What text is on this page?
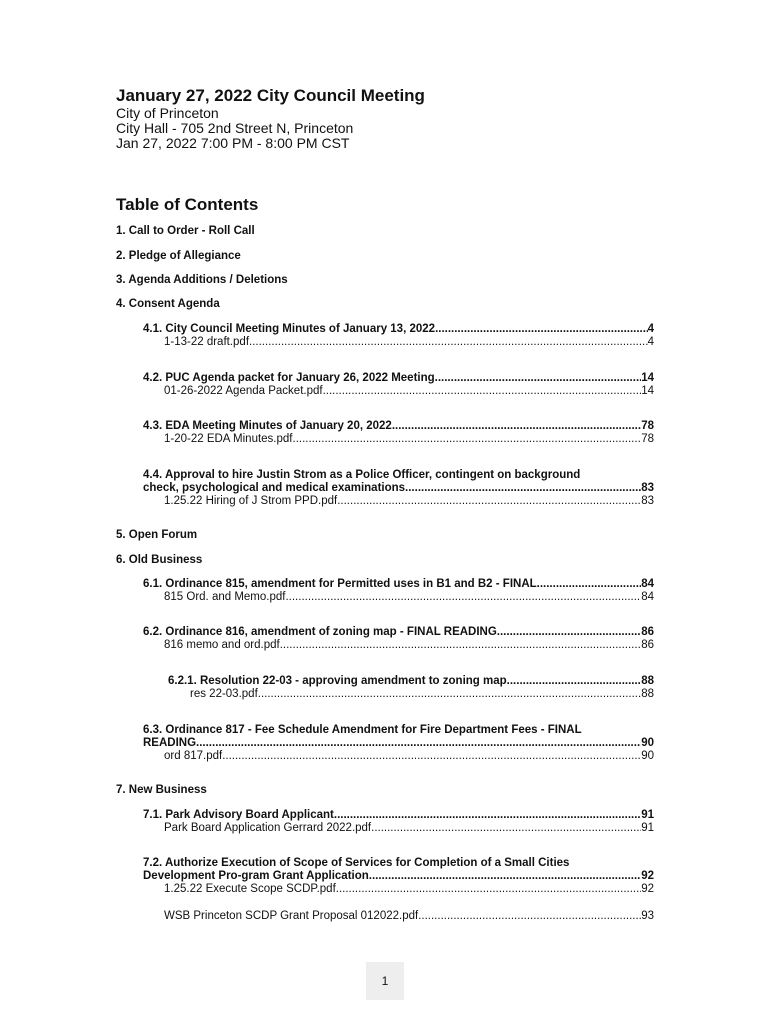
January 27, 2022 City Council Meeting
City of Princeton
City Hall - 705 2nd Street N, Princeton
Jan 27, 2022 7:00 PM - 8:00 PM CST
Table of Contents
1. Call to Order - Roll Call
2. Pledge of Allegiance
3. Agenda Additions / Deletions
4. Consent Agenda
4.1. City Council Meeting Minutes of January 13, 2022 .....	4
1-13-22 draft.pdf .....	4
4.2. PUC Agenda packet for January 26, 2022 Meeting .....	14
01-26-2022 Agenda Packet.pdf .....	14
4.3. EDA Meeting Minutes of January 20, 2022 .....	78
1-20-22 EDA Minutes.pdf .....	78
4.4. Approval to hire Justin Strom as a Police Officer, contingent on background
check, psychological and medical examinations .....	83
1.25.22 Hiring of J Strom PPD.pdf .....	83
5. Open Forum
6. Old Business
6.1. Ordinance 815, amendment for Permitted uses in B1 and B2 - FINAL .....	84
815 Ord. and Memo.pdf .....	84
6.2. Ordinance 816, amendment of zoning map - FINAL READING .....	86
816 memo and ord.pdf .....	86
6.2.1. Resolution 22-03 - approving amendment to zoning map .....	88
res 22-03.pdf .....	88
6.3. Ordinance 817 - Fee Schedule Amendment for Fire Department Fees - FINAL
READING .....	90
ord 817.pdf .....	90
7. New Business
7.1. Park Advisory Board Applicant .....	91
Park Board Application Gerrard 2022.pdf .....	91
7.2. Authorize Execution of Scope of Services for Completion of a Small Cities
Development Pro-gram Grant Application .....	92
1.25.22 Execute Scope SCDP.pdf .....	92
WSB Princeton SCDP Grant Proposal 012022.pdf .....	93
1
